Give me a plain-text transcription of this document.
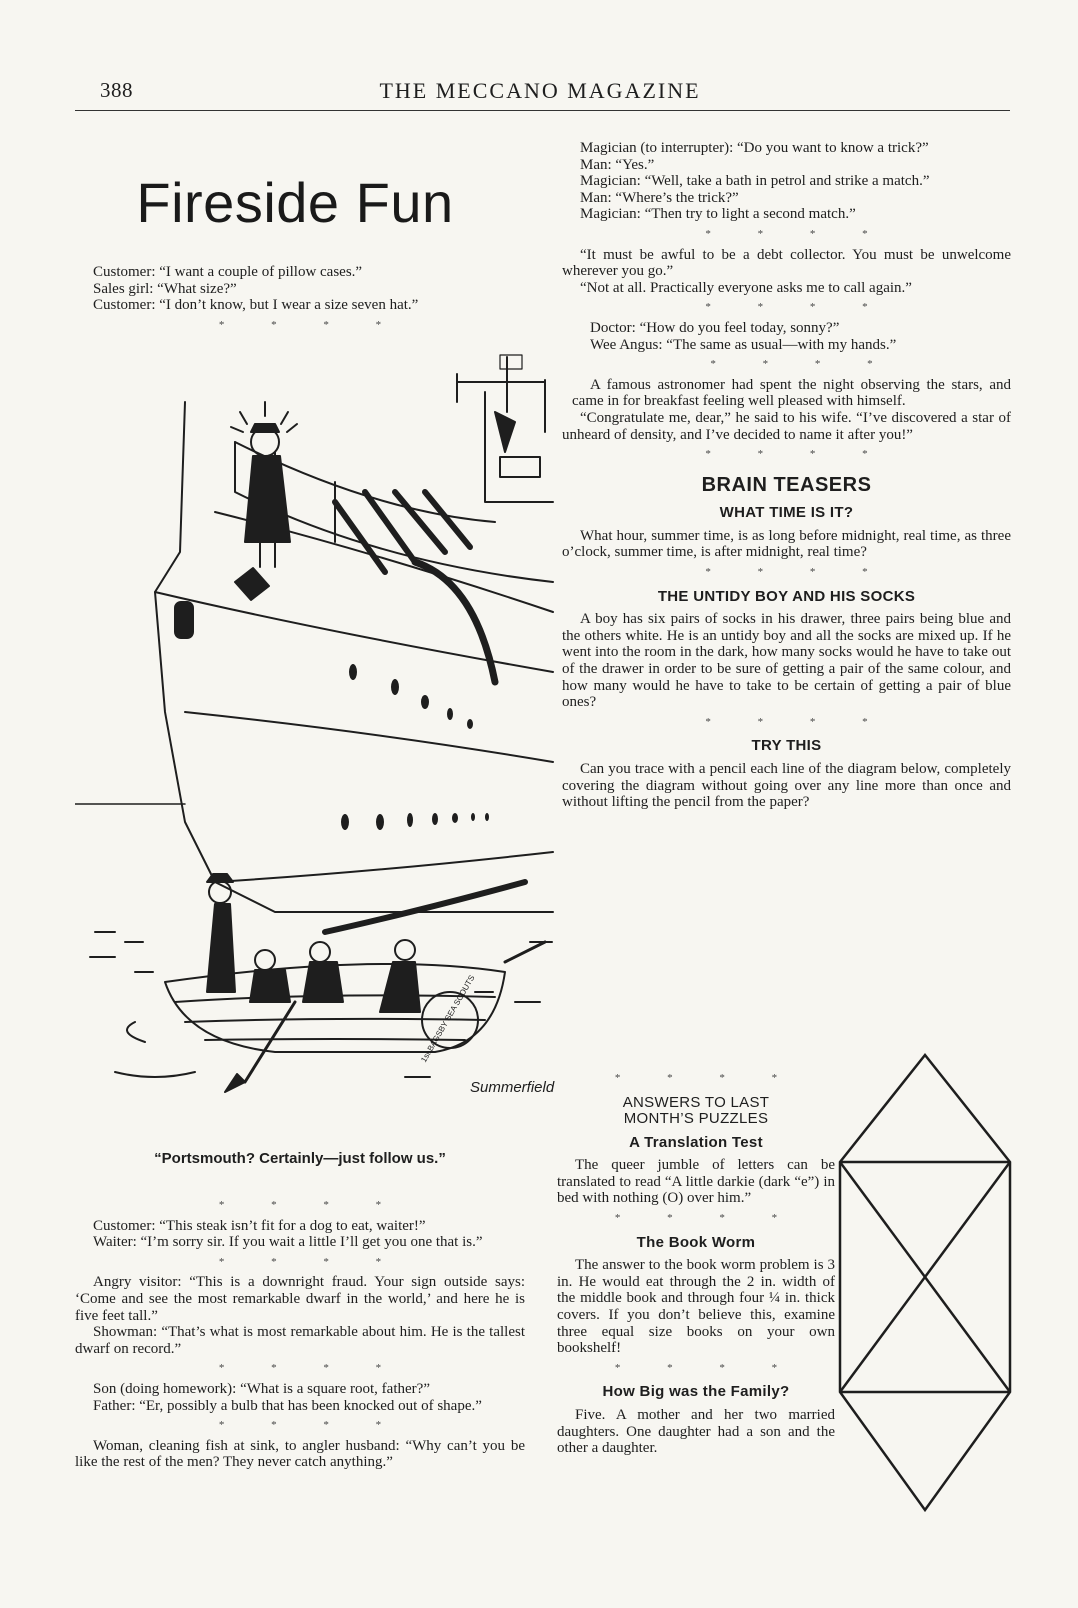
388	THE MECCANO MAGAZINE
Fireside Fun

Customer: “I want a couple of pillow cases.”

Sales girl: “What size?”

Customer: “I don’t know, but I wear a size seven hat.”

* * * *
1st BAGSBY SEA SCOUTS
Summerfield
“Portsmouth? Certainly—just follow us.”
* * * *

Customer: “This steak isn’t fit for a dog to eat, waiter!”

Waiter: “I’m sorry sir. If you wait a little I’ll get you one that is.”

* * * *

Angry visitor: “This is a downright fraud. Your sign outside says: ‘Come and see the most remarkable dwarf in the world,’ and here he is five feet tall.”

Showman: “That’s what is most remarkable about him. He is the tallest dwarf on record.”

* * * *

Son (doing homework): “What is a square root, father?”

Father: “Er, possibly a bulb that has been knocked out of shape.”

* * * *

Woman, cleaning fish at sink, to angler husband: “Why can’t you be like the rest of the men? They never catch anything.”

Magician (to interrupter): “Do you want to know a trick?”

Man: “Yes.”

Magician: “Well, take a bath in petrol and strike a match.”

Man: “Where’s the trick?”

Magician: “Then try to light a second match.”

* * * *

“It must be awful to be a debt collector. You must be unwelcome wherever you go.”

“Not at all. Practically everyone asks me to call again.”

* * * *

Doctor: “How do you feel today, sonny?”

Wee Angus: “The same as usual—with my hands.”

* * * *

A famous astronomer had spent the night observing the stars, and came in for breakfast feeling well pleased with himself.

“Congratulate me, dear,” he said to his wife. “I’ve discovered a star of unheard of density, and I’ve decided to name it after you!”

* * * *
BRAIN TEASERS
WHAT TIME IS IT?

What hour, summer time, is as long before midnight, real time, as three o’clock, summer time, is after midnight, real time?

* * * *
THE UNTIDY BOY AND HIS SOCKS

A boy has six pairs of socks in his drawer, three pairs being blue and the others white. He is an untidy boy and all the socks are mixed up. If he went into the room in the dark, how many socks would he have to take out of the drawer in order to be sure of getting a pair of the same colour, and how many would he have to take to be certain of getting a pair of blue ones?

* * * *
TRY THIS

Can you trace with a pencil each line of the diagram below, completely covering the diagram without going over any line more than once and without lifting the pencil from the paper?

* * * *
ANSWERS TO LAST
MONTH’S PUZZLES
A Translation Test

The queer jumble of letters can be translated to read “A little darkie (dark “e”) in bed with nothing (O) over him.”

* * * *
The Book Worm

The answer to the book worm problem is 3 in. He would eat through the 2 in. width of the middle book and through four ¼ in. thick covers. If you don’t believe this, examine three equal size books on your own bookshelf!

* * * *
How Big was the Family?

Five. A mother and her two married daughters. One daughter had a son and the other a daughter.
